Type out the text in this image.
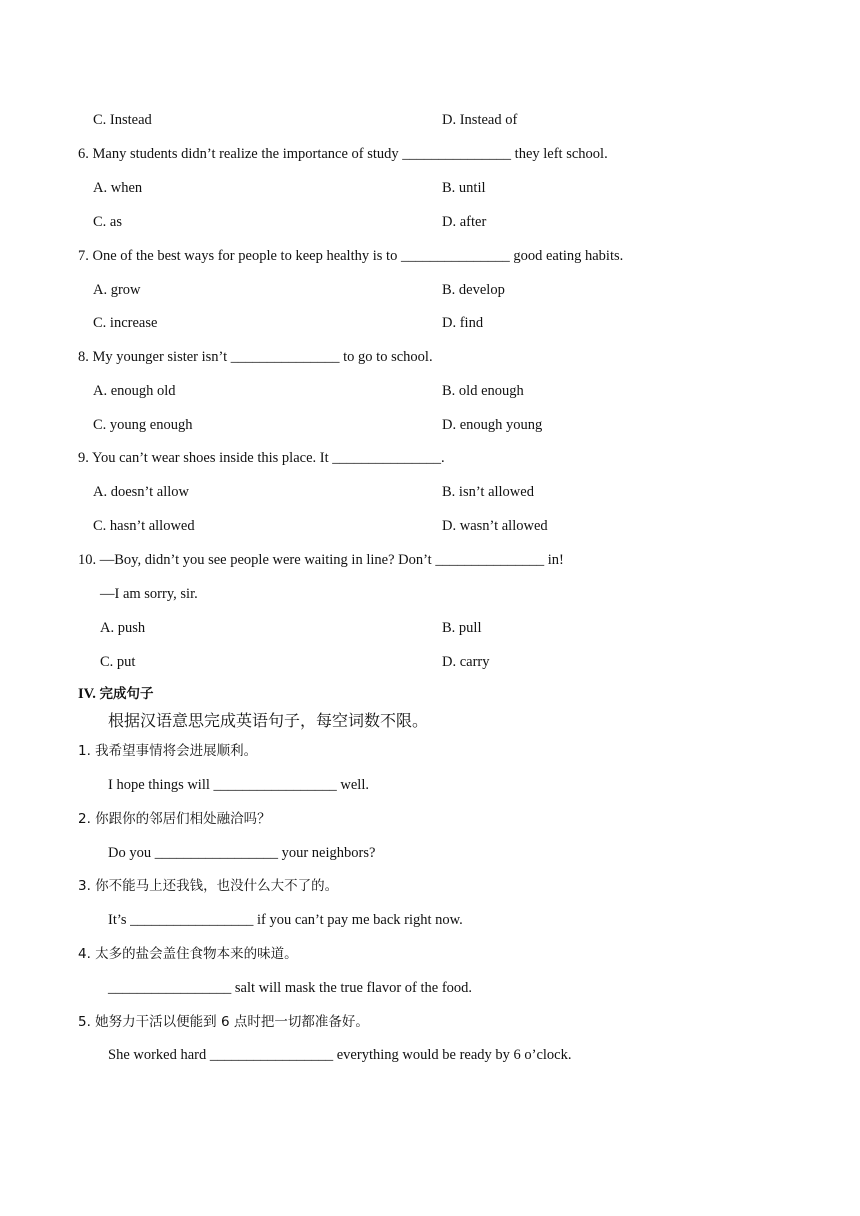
C. Instead	D. Instead of
6. Many students didn’t realize the importance of study _______________ they left school.
A. when	B. until
C. as	D. after
7. One of the best ways for people to keep healthy is to _______________ good eating habits.
A. grow	B. develop
C. increase	D. find
8. My younger sister isn’t _______________ to go to school.
A. enough old	B. old enough
C. young enough	D. enough young
9. You can’t wear shoes inside this place. It _______________.
A. doesn’t allow	B. isn’t allowed
C. hasn’t allowed	D. wasn’t allowed
10. —Boy, didn’t you see people were waiting in line? Don’t _______________ in!
—I am sorry, sir.
A. push	B. pull
C. put	D. carry
IV. 完成句子
根据汉语意思完成英语句子，每空词数不限。
1. 我希望事情将会进展顺利。
I hope things will _________________ well.
2. 你跟你的邻居们相处融洽吗？
Do you _________________ your neighbors?
3. 你不能马上还我钱，也没什么大不了的。
It’s _________________ if you can’t pay me back right now.
4. 太多的盐会盖住食物本来的味道。
_________________ salt will mask the true flavor of the food.
5. 她努力干活以便能到 6 点时把一切都准备好。
She worked hard _________________ everything would be ready by 6 o’clock.
